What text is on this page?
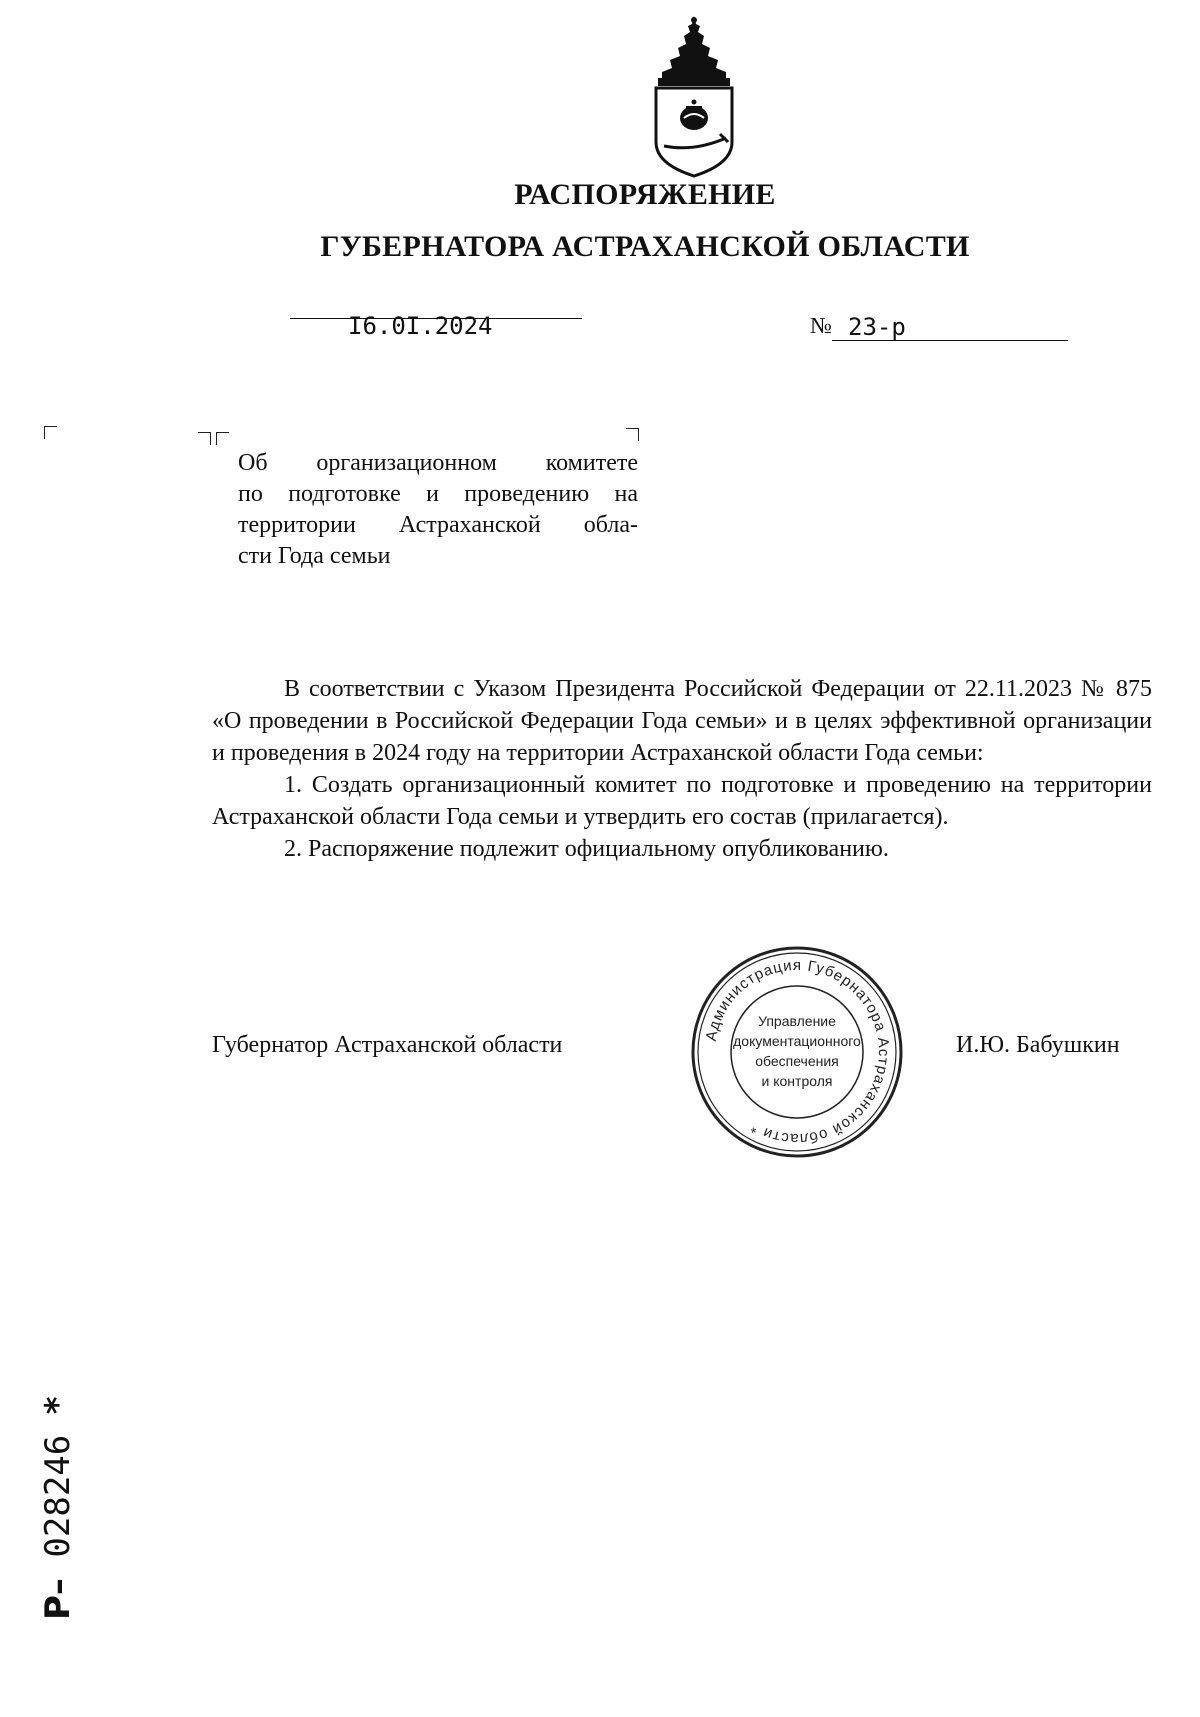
РАСПОРЯЖЕНИЕ
ГУБЕРНАТОРА АСТРАХАНСКОЙ ОБЛАСТИ
I6.0I.2024	№ 23-р
Об организационном комитете
по подготовке и проведению на
территории Астраханской обла-
сти Года семьи

В соответствии с Указом Президента Российской Федерации от 22.11.2023 № 875 «О проведении в Российской Федерации Года семьи» и в целях эффективной организации и проведения в 2024 году на территории Астраханской области Года семьи:

1. Создать организационный комитет по подготовке и проведению на территории Астраханской области Года семьи и утвердить его состав (прилагается).

2. Распоряжение подлежит официальному опубликованию.

Губернатор Астраханской области	Администрация Губернатора Астраханской области *
Управление
документационного
обеспечения
и контроля
И.Ю. Бабушкин
Р– 028246 *
